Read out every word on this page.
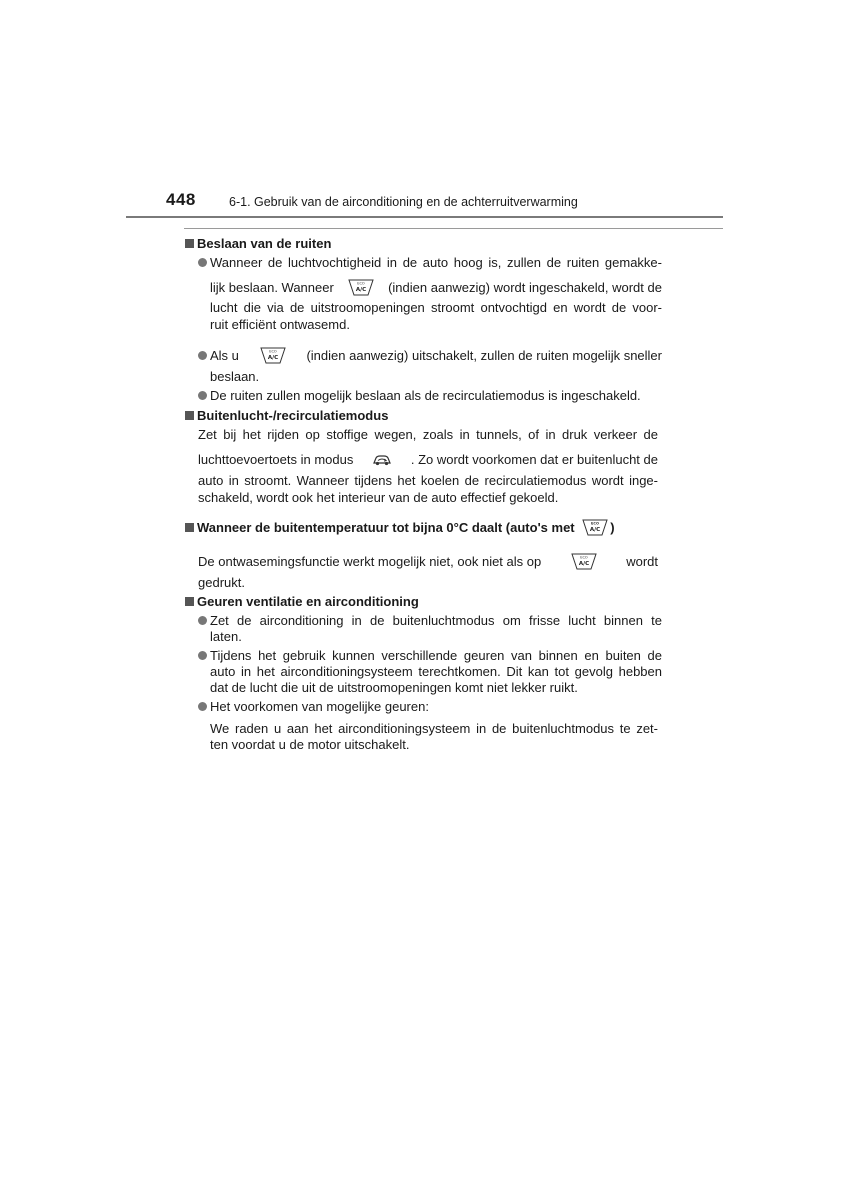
448	6-1. Gebruik van de airconditioning en de achterruitverwarming
Beslaan van de ruiten
Wanneer de luchtvochtigheid in de auto hoog is, zullen de ruiten gemakke-
lijk beslaan. Wanneer	ECO
A/C (indien aanwezig) wordt ingeschakeld, wordt de
lucht die via de uitstroomopeningen stroomt ontvochtigd en wordt de voor-
ruit efficiënt ontwasemd.
Als u	ECO
A/C (indien aanwezig) uitschakelt, zullen de ruiten mogelijk sneller
beslaan.
De ruiten zullen mogelijk beslaan als de recirculatiemodus is ingeschakeld.
Buitenlucht-/recirculatiemodus
Zet bij het rijden op stoffige wegen, zoals in tunnels, of in druk verkeer de
luchttoevoertoets in modus	. Zo wordt voorkomen dat er buitenlucht de
auto in stroomt. Wanneer tijdens het koelen de recirculatiemodus wordt inge-
schakeld, wordt ook het interieur van de auto effectief gekoeld.
Wanneer de buitentemperatuur tot bijna 0°C daalt (auto's met	ECO
A/C )
De ontwasemingsfunctie werkt mogelijk niet, ook niet als op	ECO
A/C	wordt
gedrukt.
Geuren ventilatie en airconditioning
Zet de airconditioning in de buitenluchtmodus om frisse lucht binnen te
laten.
Tijdens het gebruik kunnen verschillende geuren van binnen en buiten de
auto in het airconditioningsysteem terechtkomen. Dit kan tot gevolg hebben
dat de lucht die uit de uitstroomopeningen komt niet lekker ruikt.
Het voorkomen van mogelijke geuren:
We raden u aan het airconditioningsysteem in de buitenluchtmodus te zet-
ten voordat u de motor uitschakelt.
